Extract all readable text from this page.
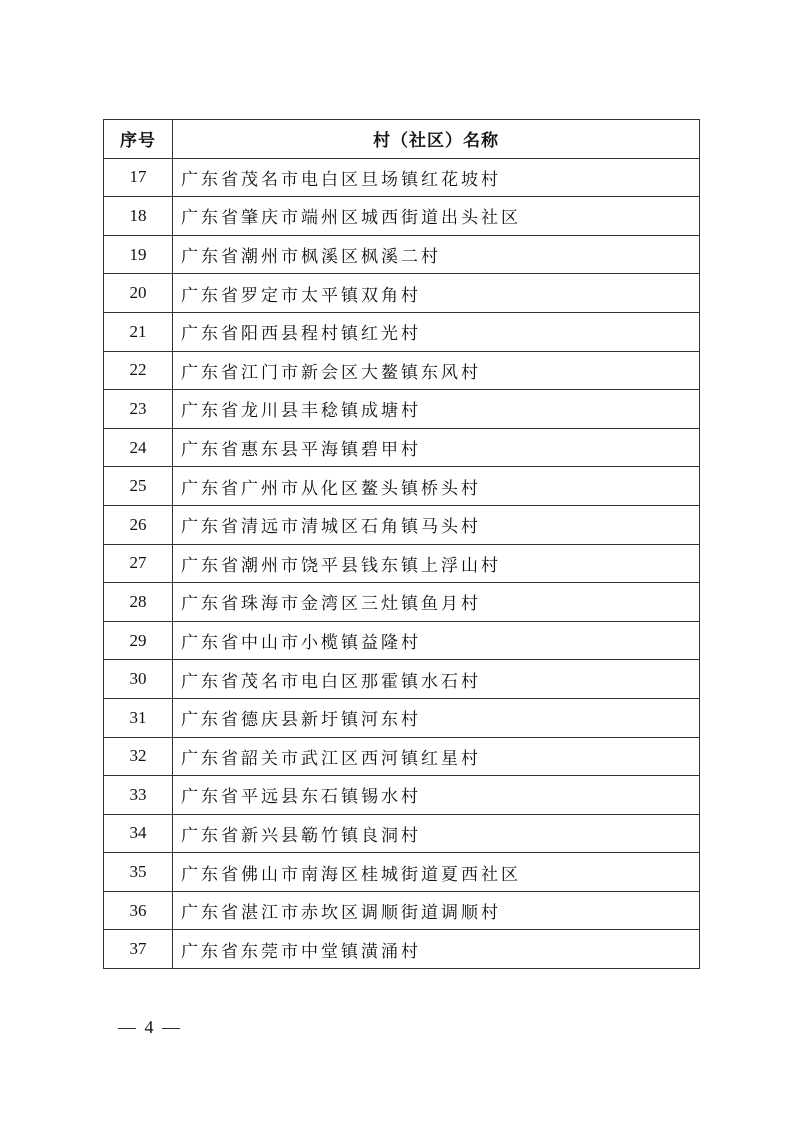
序号	村（社区）名称
17	广东省茂名市电白区旦场镇红花坡村
18	广东省肇庆市端州区城西街道出头社区
19	广东省潮州市枫溪区枫溪二村
20	广东省罗定市太平镇双角村
21	广东省阳西县程村镇红光村
22	广东省江门市新会区大鳌镇东风村
23	广东省龙川县丰稔镇成塘村
24	广东省惠东县平海镇碧甲村
25	广东省广州市从化区鳌头镇桥头村
26	广东省清远市清城区石角镇马头村
27	广东省潮州市饶平县钱东镇上浮山村
28	广东省珠海市金湾区三灶镇鱼月村
29	广东省中山市小榄镇益隆村
30	广东省茂名市电白区那霍镇水石村
31	广东省德庆县新圩镇河东村
32	广东省韶关市武江区西河镇红星村
33	广东省平远县东石镇锡水村
34	广东省新兴县簕竹镇良洞村
35	广东省佛山市南海区桂城街道夏西社区
36	广东省湛江市赤坎区调顺街道调顺村
37	广东省东莞市中堂镇潢涌村
— 4 —
